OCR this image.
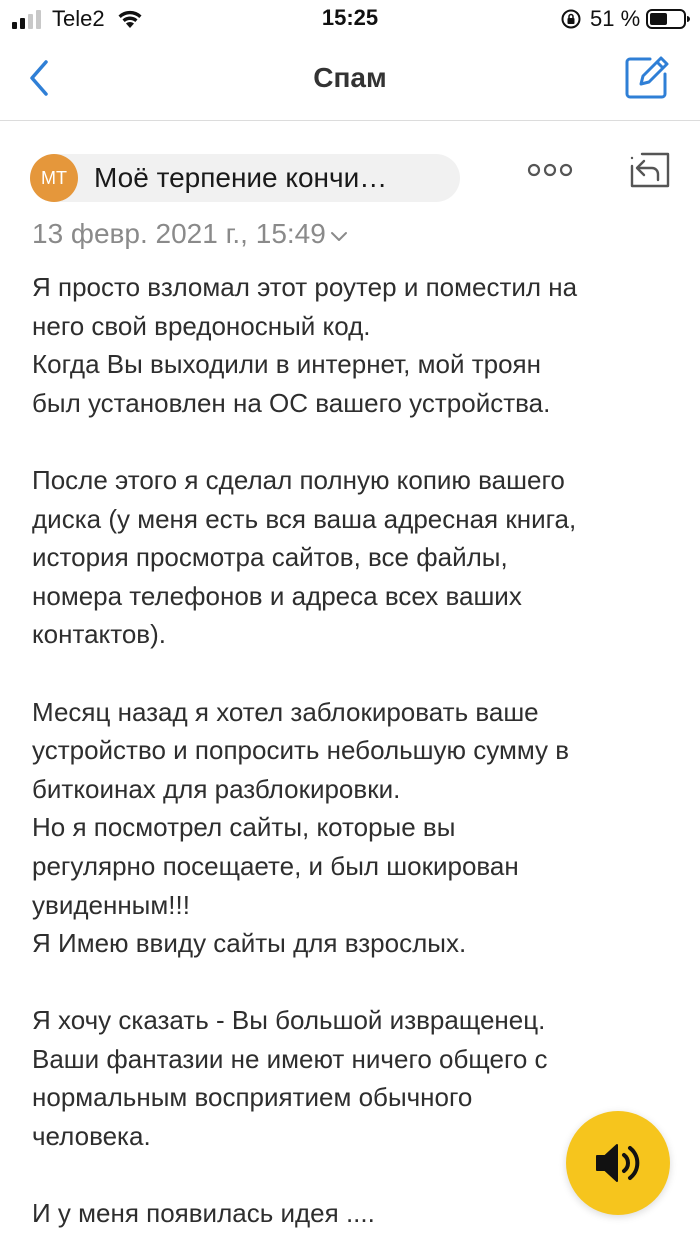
Tele2	15:25	51 %
Спам
МТ Моё терпение кончи…
13 февр. 2021 г., 15:49

Я просто взломал этот роутер и поместил на

него свой вредоносный код.

Когда Вы выходили в интернет, мой троян

был установлен на ОС вашего устройства.

После этого я сделал полную копию вашего

диска (у меня есть вся ваша адресная книга,

история просмотра сайтов, все файлы,

номера телефонов и адреса всех ваших

контактов).

Месяц назад я хотел заблокировать ваше

устройство и попросить небольшую сумму в

биткоинах для разблокировки.

Но я посмотрел сайты, которые вы

регулярно посещаете, и был шокирован

увиденным!!!

Я Имею ввиду сайты для взрослых.

Я хочу сказать - Вы большой извращенец.

Ваши фантазии не имеют ничего общего с

нормальным восприятием обычного

человека.

И у меня появилась идея ....
